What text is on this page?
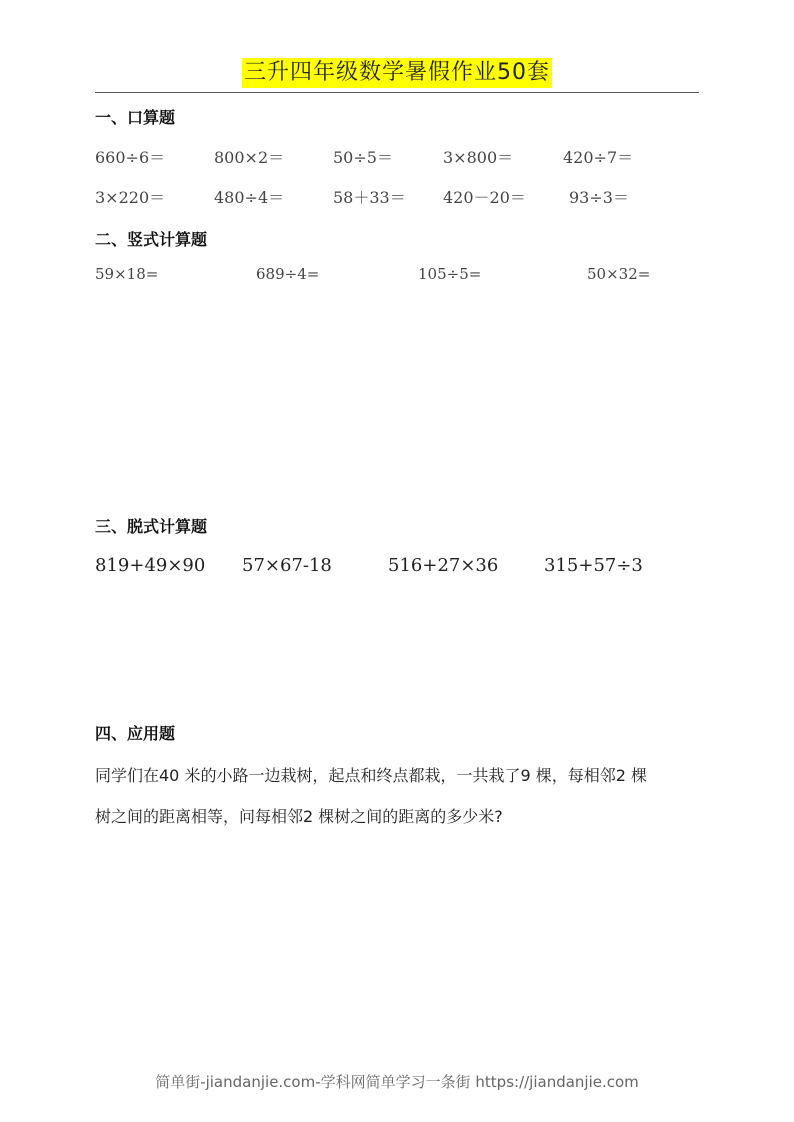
三升四年级数学暑假作业50套
一、口算题
660÷6＝	800×2＝	50÷5＝	3×800＝	420÷7＝
3×220＝	480÷4＝	58＋33＝ 420－20＝	93÷3＝
二、竖式计算题
59×18=	689÷4=	105÷5=	50×32=
三、脱式计算题
819+49×90 57×67-18	516+27×36	315+57÷3
四、应用题
同学们在40 米的小路一边栽树，起点和终点都栽，一共栽了9 棵，每相邻2 棵
树之间的距离相等，问每相邻2 棵树之间的距离的多少米?
简单街-jiandanjie.com-学科网简单学习一条街 https://jiandanjie.com
